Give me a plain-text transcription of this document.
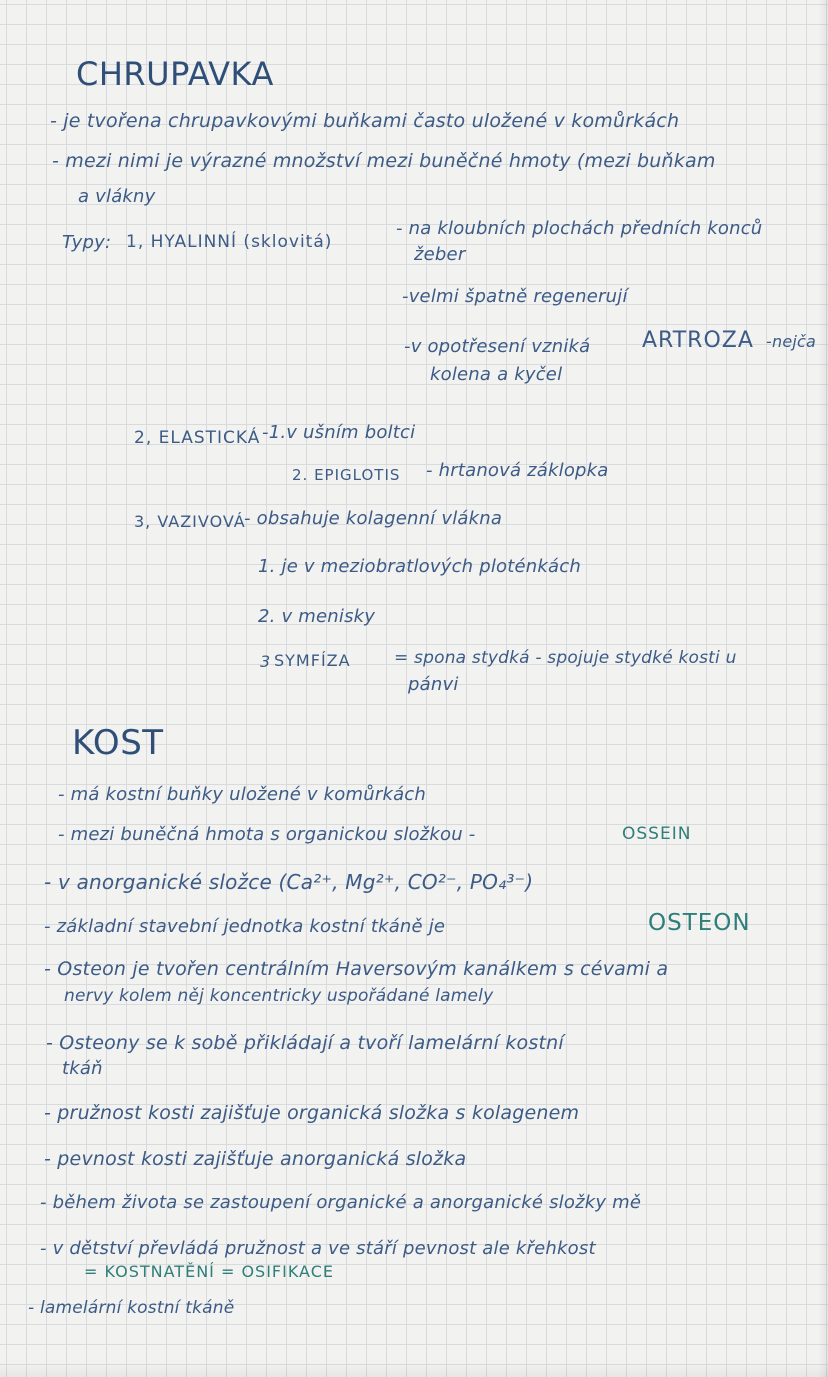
CHRUPAVKA
- je tvořena chrupavkovými buňkami často uložené v komůrkách
- mezi nimi je výrazné množství mezi buněčné hmoty (mezi buňkam
a vlákny
Typy: 1, HYALINNÍ (sklovitá)
- na kloubních plochách předních konců
žeber
-velmi špatně regenerují
-v opotřesení vzniká ARTROZA -nejča
kolena a kyčel
2, ELASTICKÁ -1.v ušním boltci
2. EPIGLOTIS - hrtanová záklopka
3, VAZIVOVÁ
- obsahuje kolagenní vlákna
1. je v meziobratlových ploténkách
2. v menisky
3 SYMFÍZA	= spona stydká - spojuje stydké kosti u
pánvi
KOST
- má kostní buňky uložené v komůrkách
- mezi buněčná hmota s organickou složkou -	OSSEIN
- v anorganické složce (Ca²⁺, Mg²⁺, CO²⁻, PO₄³⁻)
- základní stavební jednotka kostní tkáně je	OSTEON
- Osteon je tvořen centrálním Haversovým kanálkem s cévami a
nervy kolem něj koncentricky uspořádané lamely
- Osteony se k sobě přikládají a tvoří lamelární kostní
tkáň
- pružnost kosti zajišťuje organická složka s kolagenem
- pevnost kosti zajišťuje anorganická složka
- během života se zastoupení organické a anorganické složky mě
- v dětství převládá pružnost a ve stáří pevnost ale křehkost
= KOSTNATĚNÍ = OSIFIKACE
- lamelární kostní tkáně
